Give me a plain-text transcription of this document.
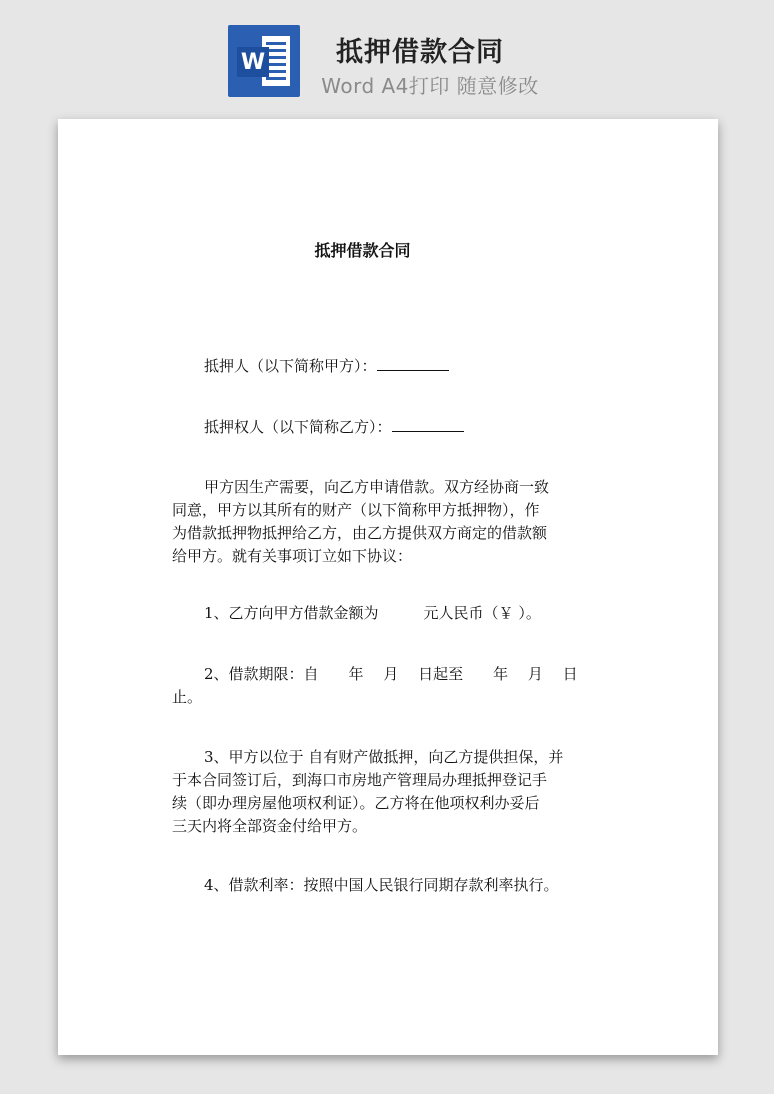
W	抵押借款合同
Word A4打印 随意修改
抵押借款合同
抵押人（以下简称甲方）：
抵押权人（以下简称乙方）：
甲方因生产需要，向乙方申请借款。双方经协商一致
同意，甲方以其所有的财产（以下简称甲方抵押物），作
为借款抵押物抵押给乙方，由乙方提供双方商定的借款额
给甲方。就有关事项订立如下协议：
1、乙方向甲方借款金额为　　　元人民币（￥ ）。
2、借款期限：自　　年　 月　 日起至　　年　 月　 日
止。
3、甲方以位于 自有财产做抵押，向乙方提供担保，并
于本合同签订后，到海口市房地产管理局办理抵押登记手
续（即办理房屋他项权利证）。乙方将在他项权利办妥后
三天内将全部资金付给甲方。
4、借款利率：按照中国人民银行同期存款利率执行。
